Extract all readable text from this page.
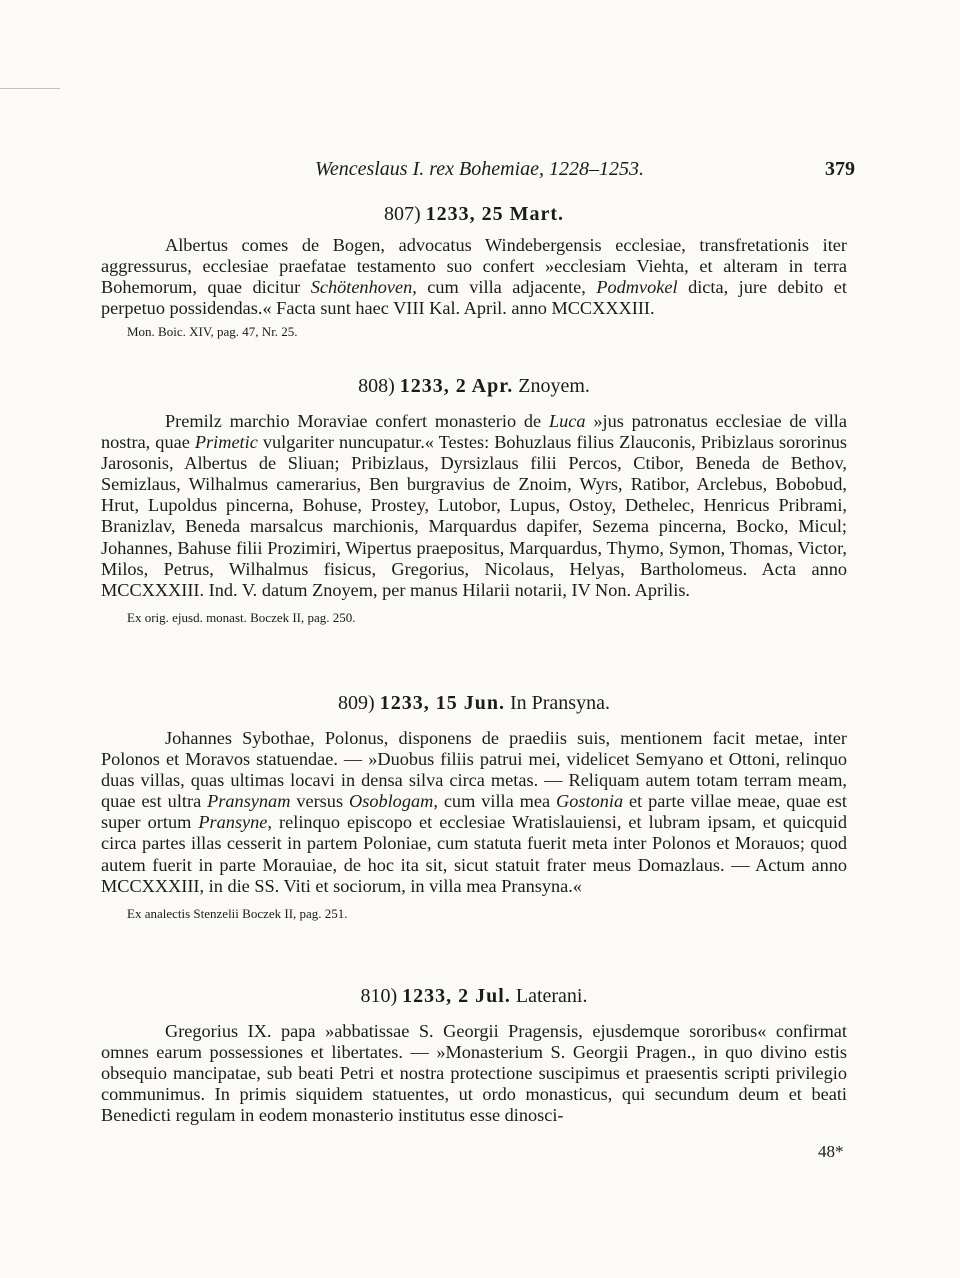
Wenceslaus I. rex Bohemiae, 1228–1253.	379

807) 1233, 25 Mart.

Albertus comes de Bogen, advocatus Windebergensis ecclesiae, transfretationis iter aggressurus, ecclesiae praefatae testamento suo confert »ecclesiam Viehta, et alteram in terra Bohemorum, quae dicitur Schötenhoven, cum villa adjacente, Podmvokel dicta, jure debito et perpetuo possidendas.« Facta sunt haec VIII Kal. April. anno MCCXXXIII.

Mon. Boic. XIV, pag. 47, Nr. 25.

808) 1233, 2 Apr. Znoyem.

Premilz marchio Moraviae confert monasterio de Luca »jus patronatus ecclesiae de villa nostra, quae Primetic vulgariter nuncupatur.« Testes: Bohuzlaus filius Zlauconis, Pribizlaus sororinus Jarosonis, Albertus de Sliuan; Pribizlaus, Dyrsizlaus filii Percos, Ctibor, Beneda de Bethov, Semizlaus, Wilhalmus camerarius, Ben burgravius de Znoim, Wyrs, Ratibor, Arclebus, Bobobud, Hrut, Lupoldus pincerna, Bohuse, Prostey, Lutobor, Lupus, Ostoy, Dethelec, Henricus Pribrami, Branizlav, Beneda marsalcus marchionis, Marquardus dapifer, Sezema pincerna, Bocko, Micul; Johannes, Bahuse filii Prozimiri, Wipertus praepositus, Marquardus, Thymo, Symon, Thomas, Victor, Milos, Petrus, Wilhalmus fisicus, Gregorius, Nicolaus, Helyas, Bartholomeus. Acta anno MCCXXXIII. Ind. V. datum Znoyem, per manus Hilarii notarii, IV Non. Aprilis.

Ex orig. ejusd. monast. Boczek II, pag. 250.

809) 1233, 15 Jun. In Pransyna.

Johannes Sybothae, Polonus, disponens de praediis suis, mentionem facit metae, inter Polonos et Moravos statuendae. — »Duobus filiis patrui mei, videlicet Semyano et Ottoni, relinquo duas villas, quas ultimas locavi in densa silva circa metas. — Reliquam autem totam terram meam, quae est ultra Pransynam versus Osoblogam, cum villa mea Gostonia et parte villae meae, quae est super ortum Pransyne, relinquo episcopo et ecclesiae Wratislauiensi, et lubram ipsam, et quicquid circa partes illas cesserit in partem Poloniae, cum statuta fuerit meta inter Polonos et Morauos; quod autem fuerit in parte Morauiae, de hoc ita sit, sicut statuit frater meus Domazlaus. — Actum anno MCCXXXIII, in die SS. Viti et sociorum, in villa mea Pransyna.«

Ex analectis Stenzelii Boczek II, pag. 251.

810) 1233, 2 Jul. Laterani.

Gregorius IX. papa »abbatissae S. Georgii Pragensis, ejusdemque sororibus« confirmat omnes earum possessiones et libertates. — »Monasterium S. Georgii Pragen., in quo divino estis obsequio mancipatae, sub beati Petri et nostra protectione suscipimus et praesentis scripti privilegio communimus. In primis siquidem statuentes, ut ordo monasticus, qui secundum deum et beati Benedicti regulam in eodem monasterio institutus esse dinosci-

48*
